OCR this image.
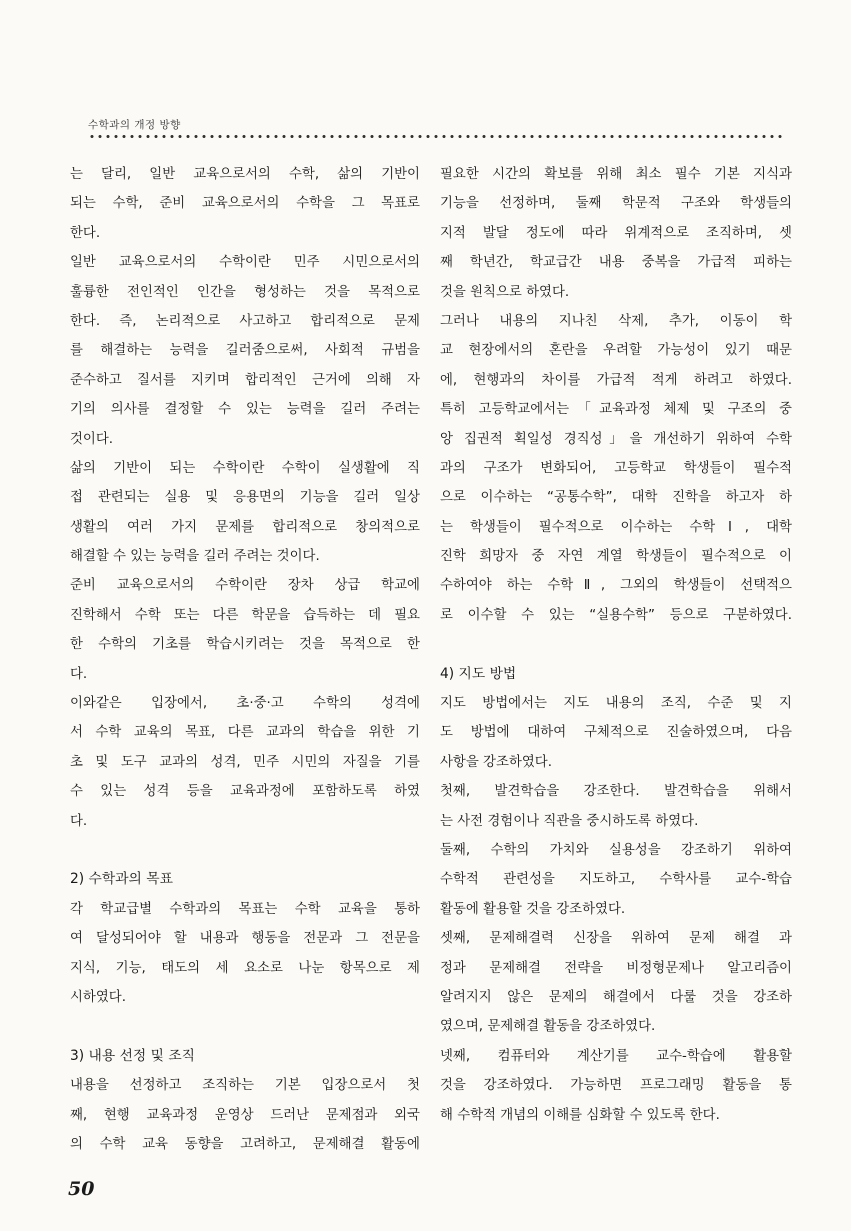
수학과의 개정 방향
는 달리, 일반 교육으로서의 수학, 삶의 기반이
되는 수학, 준비 교육으로서의 수학을 그 목표로
한다.
일반 교육으로서의 수학이란 민주 시민으로서의
훌륭한 전인적인 인간을 형성하는 것을 목적으로
한다. 즉, 논리적으로 사고하고 합리적으로 문제
를 해결하는 능력을 길러줌으로써, 사회적 규범을
준수하고 질서를 지키며 합리적인 근거에 의해 자
기의 의사를 결정할 수 있는 능력을 길러 주려는
것이다.
삶의 기반이 되는 수학이란 수학이 실생활에 직
접 관련되는 실용 및 응용면의 기능을 길러 일상
생활의 여러 가지 문제를 합리적으로 창의적으로
해결할 수 있는 능력을 길러 주려는 것이다.
준비 교육으로서의 수학이란 장차 상급 학교에
진학해서 수학 또는 다른 학문을 습득하는 데 필요
한 수학의 기초를 학습시키려는 것을 목적으로 한
다.
이와같은 입장에서, 초·중·고 수학의 성격에
서 수학 교육의 목표, 다른 교과의 학습을 위한 기
초 및 도구 교과의 성격, 민주 시민의 자질을 기를
수 있는 성격 등을 교육과정에 포함하도록 하였
다.
2) 수학과의 목표
각 학교급별 수학과의 목표는 수학 교육을 통하
여 달성되어야 할 내용과 행동을 전문과 그 전문을
지식, 기능, 태도의 세 요소로 나눈 항목으로 제
시하였다.
3) 내용 선정 및 조직
내용을 선정하고 조직하는 기본 입장으로서 첫
째, 현행 교육과정 운영상 드러난 문제점과 외국
의 수학 교육 동향을 고려하고, 문제해결 활동에
필요한 시간의 확보를 위해 최소 필수 기본 지식과
기능을 선정하며, 둘째 학문적 구조와 학생들의
지적 발달 정도에 따라 위계적으로 조직하며, 셋
째 학년간, 학교급간 내용 중복을 가급적 피하는
것을 원칙으로 하였다.
그러나 내용의 지나친 삭제, 추가, 이동이 학
교 현장에서의 혼란을 우려할 가능성이 있기 때문
에, 현행과의 차이를 가급적 적게 하려고 하였다.
특히 고등학교에서는「교육과정 체제 및 구조의 중
앙 집권적 획일성 경직성」을 개선하기 위하여 수학
과의 구조가 변화되어, 고등학교 학생들이 필수적
으로 이수하는 “공통수학”, 대학 진학을 하고자 하
는 학생들이 필수적으로 이수하는 수학Ⅰ, 대학
진학 희망자 중 자연 계열 학생들이 필수적으로 이
수하여야 하는 수학Ⅱ, 그외의 학생들이 선택적으
로 이수할 수 있는 “실용수학” 등으로 구분하였다.
4) 지도 방법
지도 방법에서는 지도 내용의 조직, 수준 및 지
도 방법에 대하여 구체적으로 진술하였으며, 다음
사항을 강조하였다.
첫째, 발견학습을 강조한다. 발견학습을 위해서
는 사전 경험이나 직관을 중시하도록 하였다.
둘째, 수학의 가치와 실용성을 강조하기 위하여
수학적 관련성을 지도하고, 수학사를 교수-학습
활동에 활용할 것을 강조하였다.
셋째, 문제해결력 신장을 위하여 문제 해결 과
정과 문제해결 전략을 비정형문제나 알고리즘이
알려지지 않은 문제의 해결에서 다룰 것을 강조하
였으며, 문제해결 활동을 강조하였다.
넷째, 컴퓨터와 계산기를 교수-학습에 활용할
것을 강조하였다. 가능하면 프로그래밍 활동을 통
해 수학적 개념의 이해를 심화할 수 있도록 한다.
50
